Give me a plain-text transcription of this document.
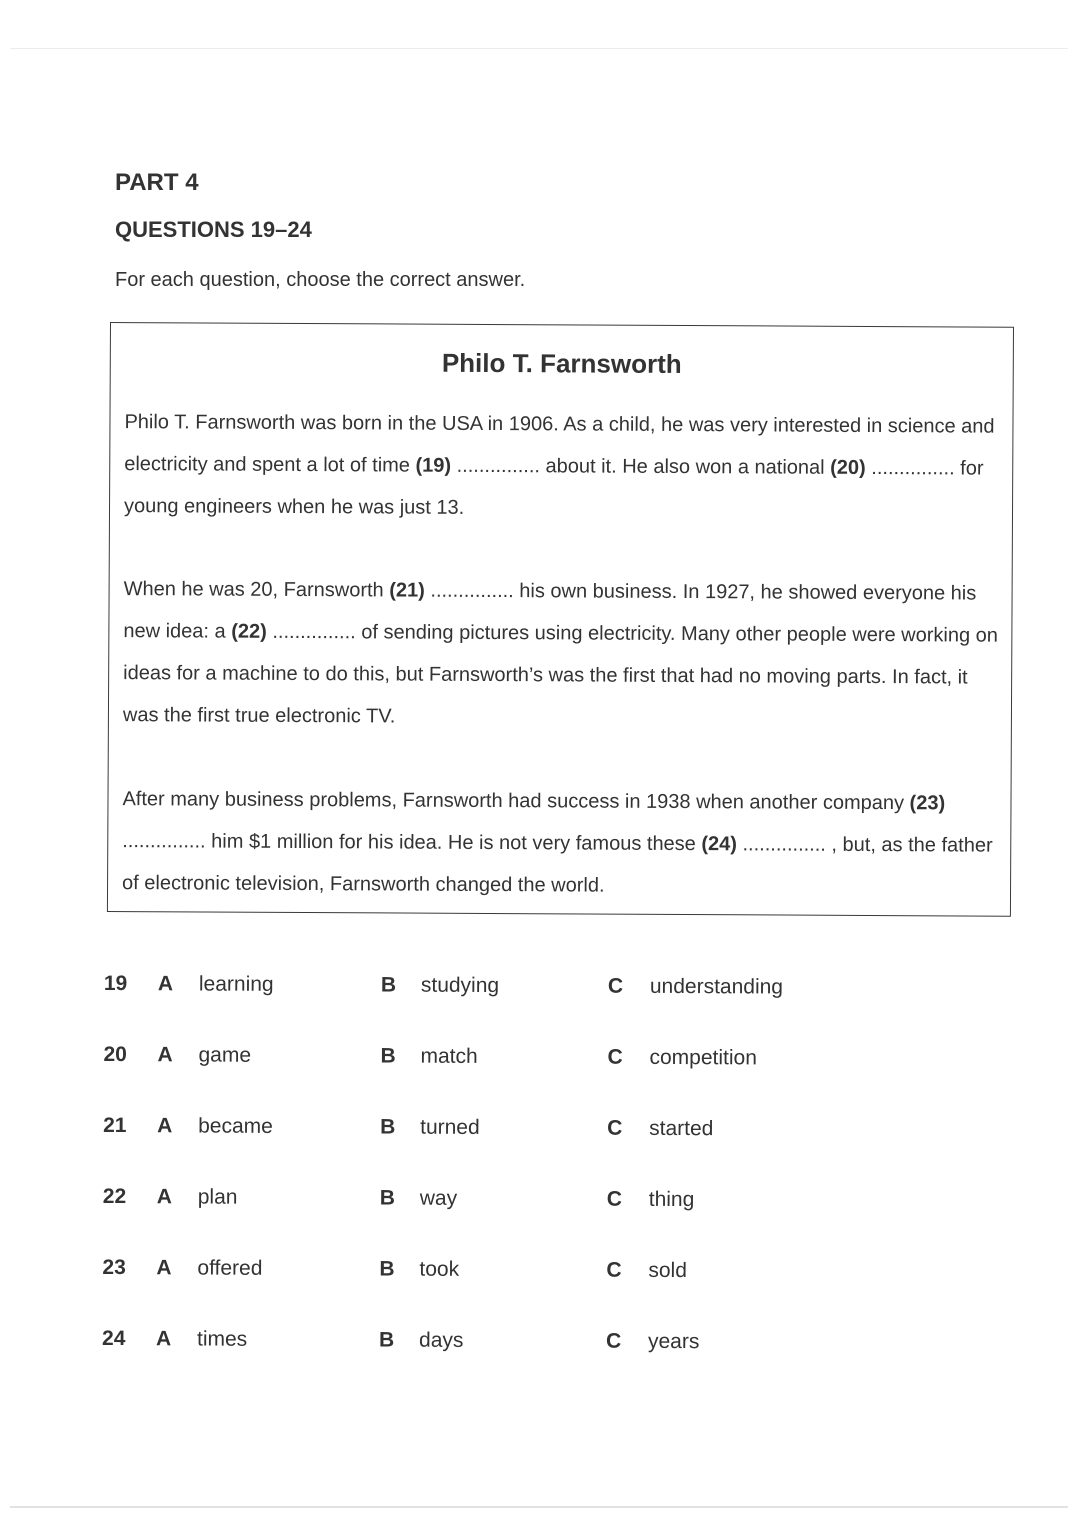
PART 4
QUESTIONS 19–24

For each question, choose the correct answer.

Philo T. Farnsworth

Philo T. Farnsworth was born in the USA in 1906. As a child, he was very interested in science and electricity and spent a lot of time (19) ............... about it. He also won a national (20) ............... for young engineers when he was just 13.

When he was 20, Farnsworth (21) ............... his own business. In 1927, he showed everyone his new idea: a (22) ............... of sending pictures using electricity. Many other people were working on ideas for a machine to do this, but Farnsworth’s was the first that had no moving parts. In fact, it was the first true electronic TV.

After many business problems, Farnsworth had success in 1938 when another company (23) ............... him $1 million for his idea. He is not very famous these (24) ............... , but, as the father of electronic television, Farnsworth changed the world.

19 A learning	B studying	C understanding
20 A game	B match	C competition
21 A became	B turned	C started
22 A plan	B way	C thing
23 A offered	B took	C sold
24 A times	B days	C years
